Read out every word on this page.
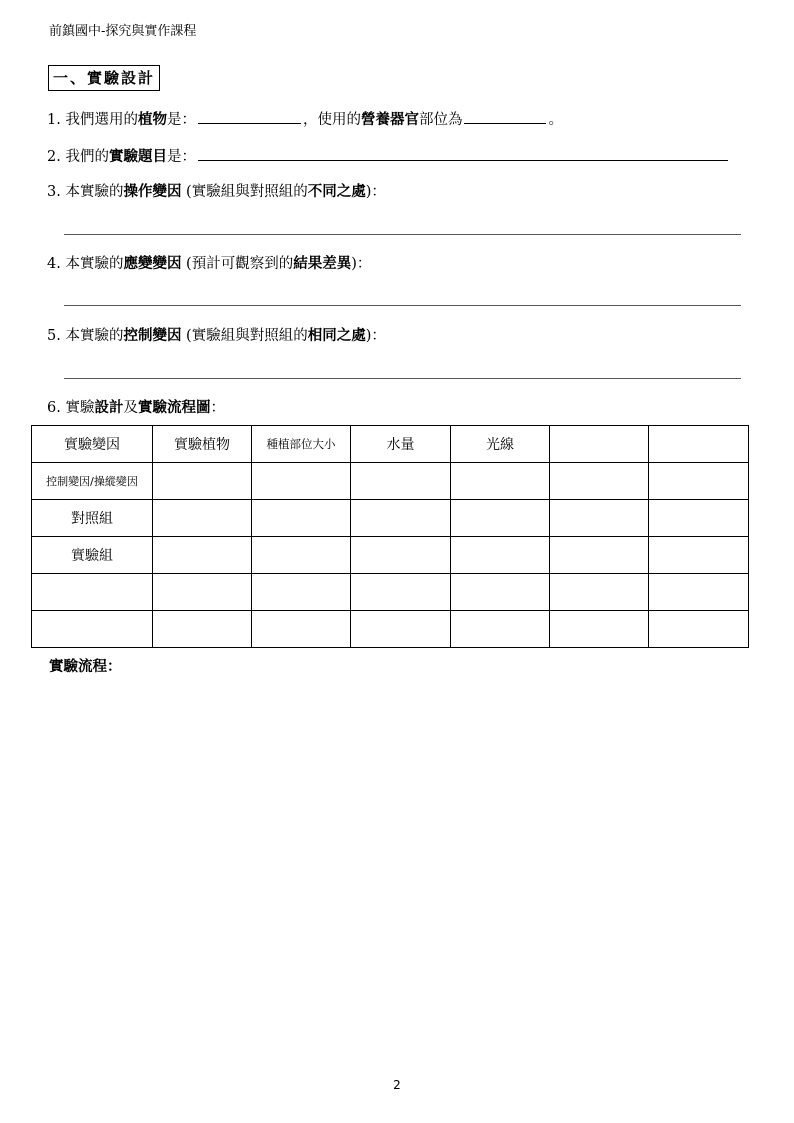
前鎮國中-探究與實作課程
一、實驗設計
1. 我們選用的植物是：	，使用的營養器官部位為	。
2. 我們的實驗題目是：
3. 本實驗的操作變因 (實驗組與對照組的不同之處)：
4. 本實驗的應變變因 (預計可觀察到的結果差異)：
5. 本實驗的控制變因 (實驗組與對照組的相同之處)：
6. 實驗設計及實驗流程圖：
實驗變因	實驗植物	種植部位大小	水量	光線		
控制變因/操縱變因						
對照組						
實驗組						

實驗流程：
2
